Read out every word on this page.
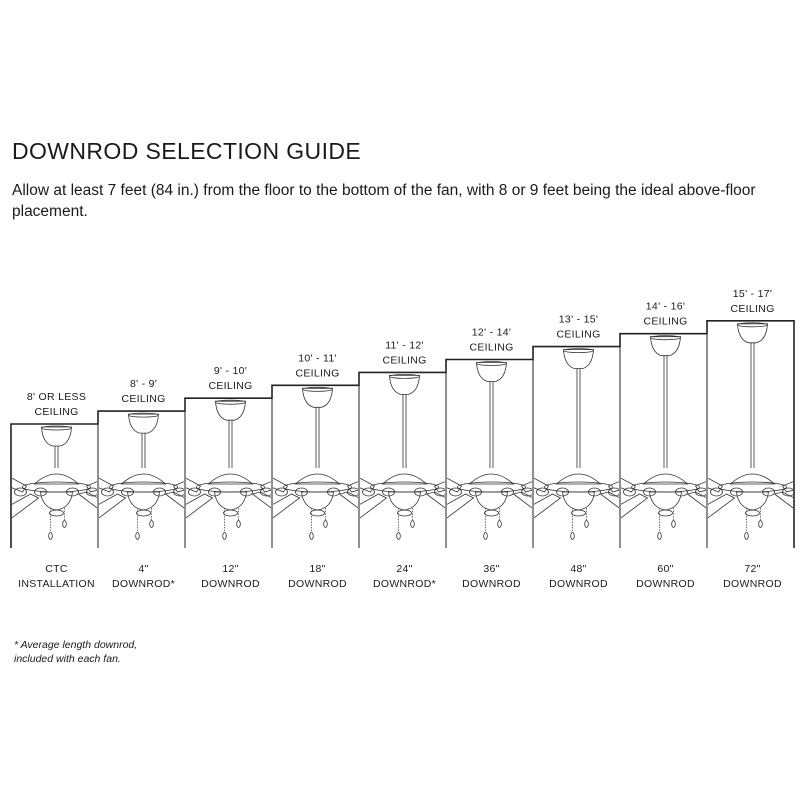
DOWNROD SELECTION GUIDE

Allow at least 7 feet (84 in.) from the floor to the bottom of the fan, with 8 or 9 feet being the ideal above-floor placement.

8' OR LESS
CEILING
CTC
INSTALLATION
8' - 9'
CEILING
4"
DOWNROD*
9' - 10'
CEILING
12"
DOWNROD
10' - 11'
CEILING
18"
DOWNROD
11' - 12'
CEILING
24"
DOWNROD*
12' - 14'
CEILING
36"
DOWNROD
13' - 15'
CEILING
48"
DOWNROD
14' - 16'
CEILING
60"
DOWNROD
15' - 17'
CEILING
72"
DOWNROD
* Average length downrod,
included with each fan.
